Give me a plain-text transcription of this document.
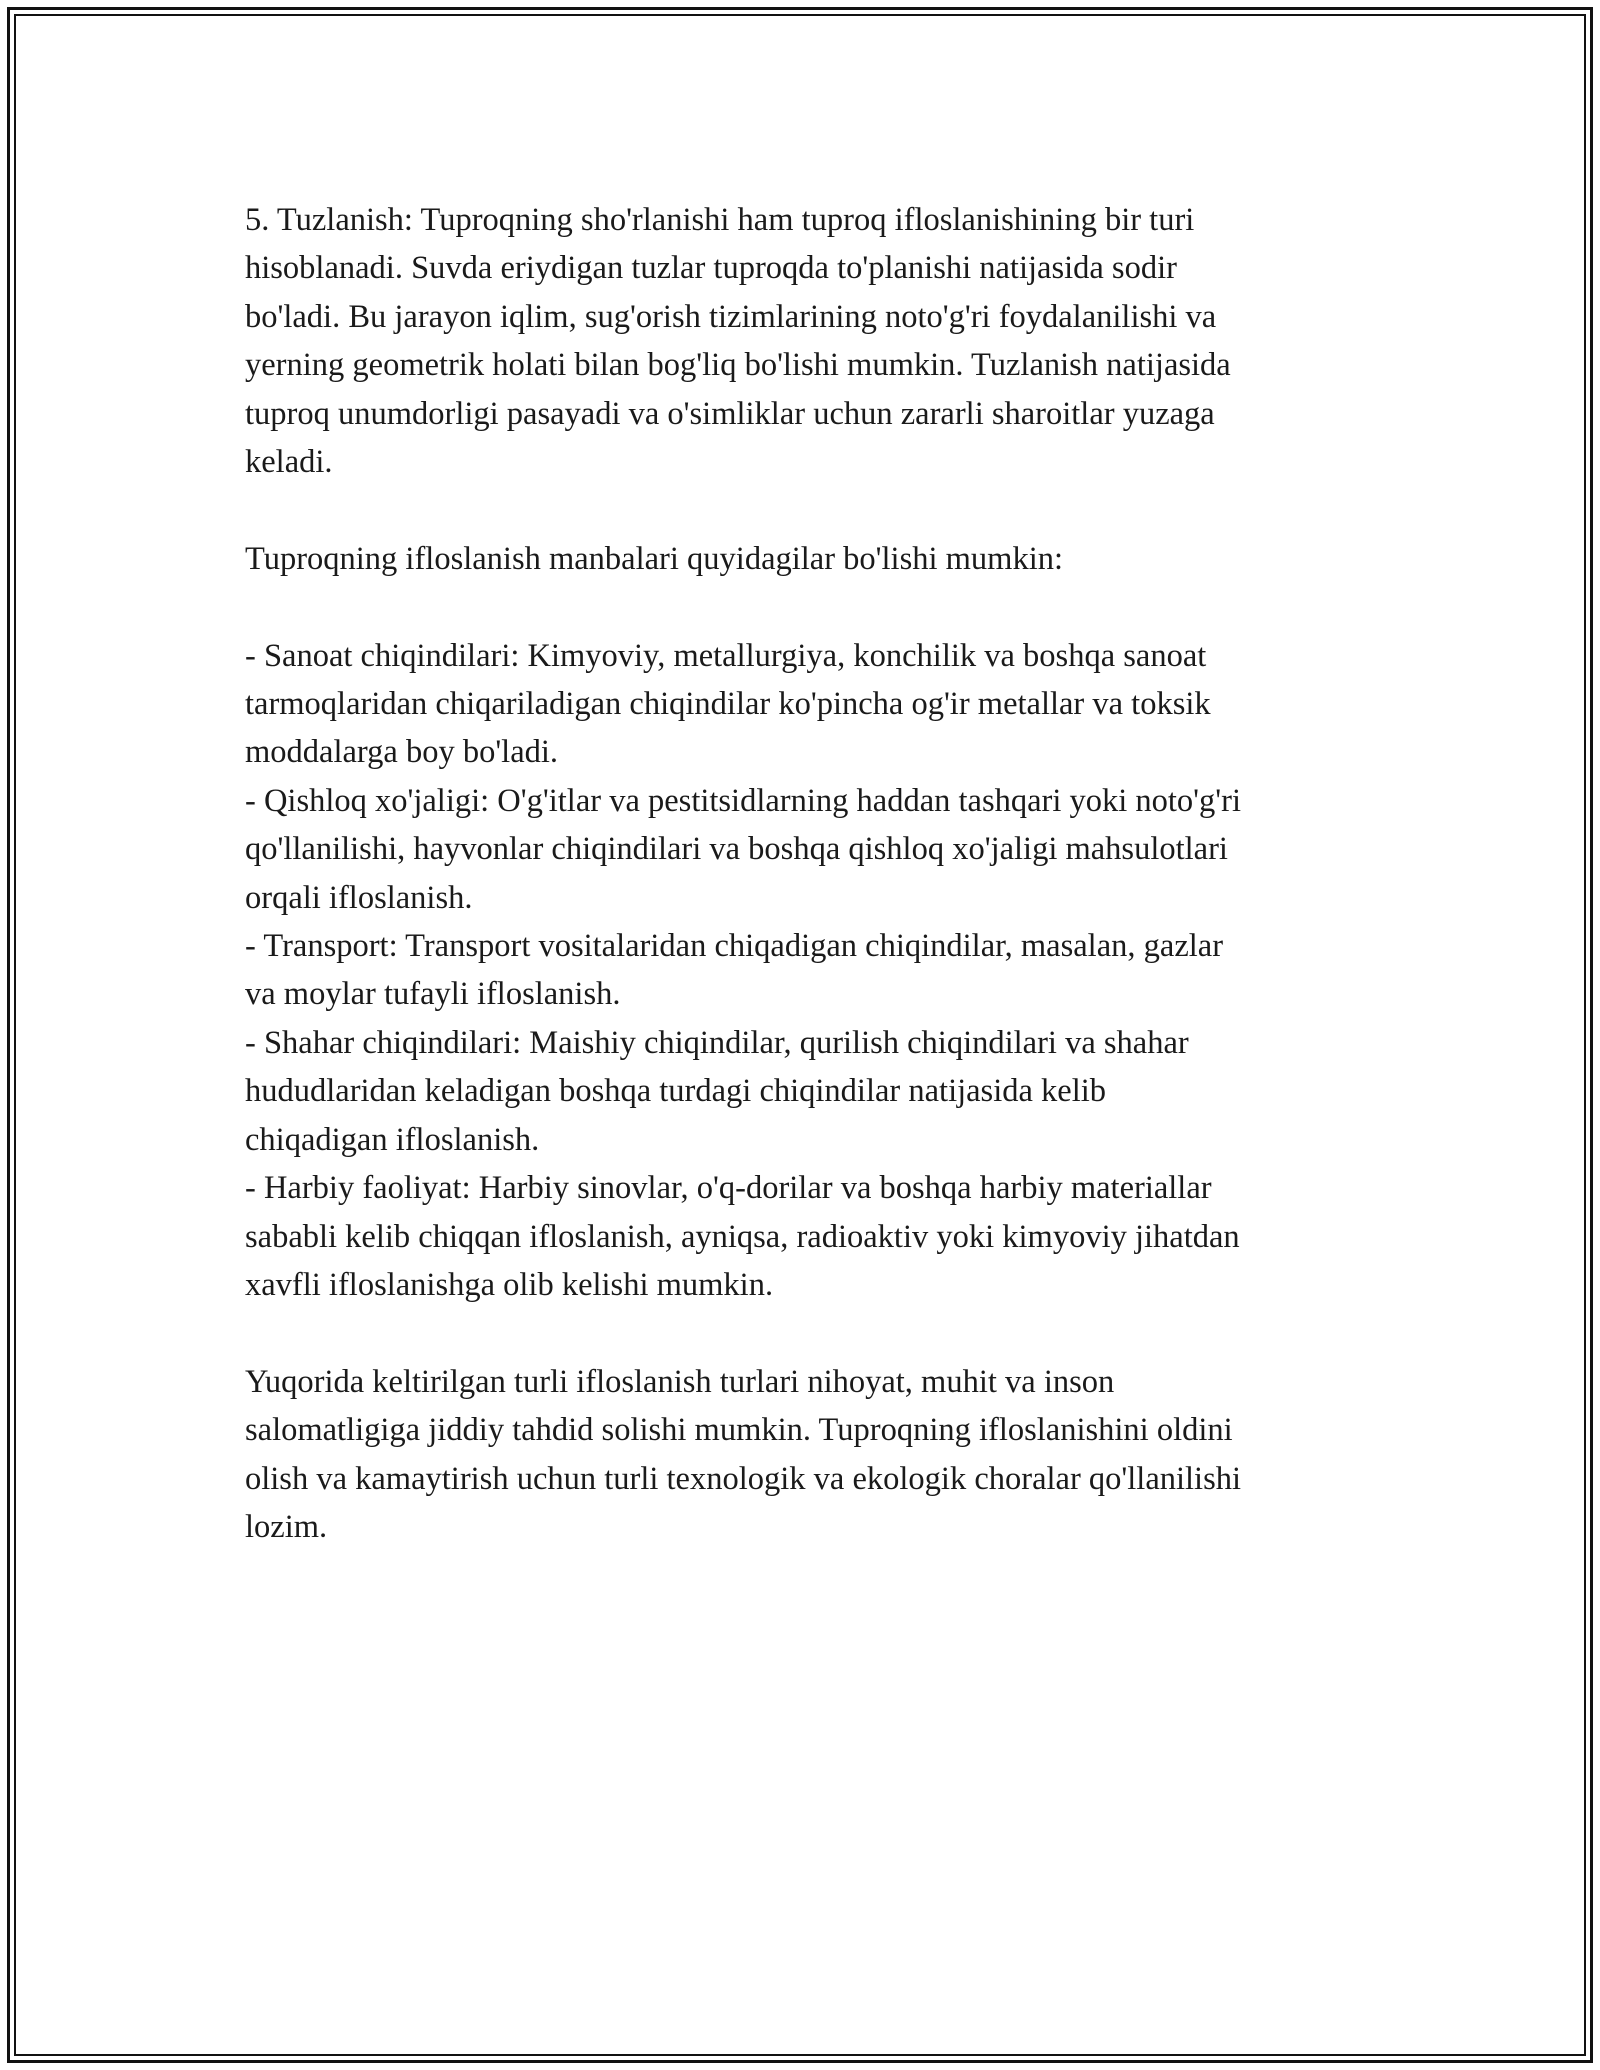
5. Tuzlanish: Tuproqning sho'rlanishi ham tuproq ifloslanishining bir turi
hisoblanadi. Suvda eriydigan tuzlar tuproqda to'planishi natijasida sodir
bo'ladi. Bu jarayon iqlim, sug'orish tizimlarining noto'g'ri foydalanilishi va
yerning geometrik holati bilan bog'liq bo'lishi mumkin. Tuzlanish natijasida
tuproq unumdorligi pasayadi va o'simliklar uchun zararli sharoitlar yuzaga
keladi.

Tuproqning ifloslanish manbalari quyidagilar bo'lishi mumkin:

- Sanoat chiqindilari: Kimyoviy, metallurgiya, konchilik va boshqa sanoat
tarmoqlaridan chiqariladigan chiqindilar ko'pincha og'ir metallar va toksik
moddalarga boy bo'ladi.

- Qishloq xo'jaligi: O'g'itlar va pestitsidlarning haddan tashqari yoki noto'g'ri
qo'llanilishi, hayvonlar chiqindilari va boshqa qishloq xo'jaligi mahsulotlari
orqali ifloslanish.

- Transport: Transport vositalaridan chiqadigan chiqindilar, masalan, gazlar
va moylar tufayli ifloslanish.

- Shahar chiqindilari: Maishiy chiqindilar, qurilish chiqindilari va shahar
hududlaridan keladigan boshqa turdagi chiqindilar natijasida kelib
chiqadigan ifloslanish.

- Harbiy faoliyat: Harbiy sinovlar, o'q-dorilar va boshqa harbiy materiallar
sababli kelib chiqqan ifloslanish, ayniqsa, radioaktiv yoki kimyoviy jihatdan
xavfli ifloslanishga olib kelishi mumkin.

Yuqorida keltirilgan turli ifloslanish turlari nihoyat, muhit va inson
salomatligiga jiddiy tahdid solishi mumkin. Tuproqning ifloslanishini oldini
olish va kamaytirish uchun turli texnologik va ekologik choralar qo'llanilishi
lozim.
